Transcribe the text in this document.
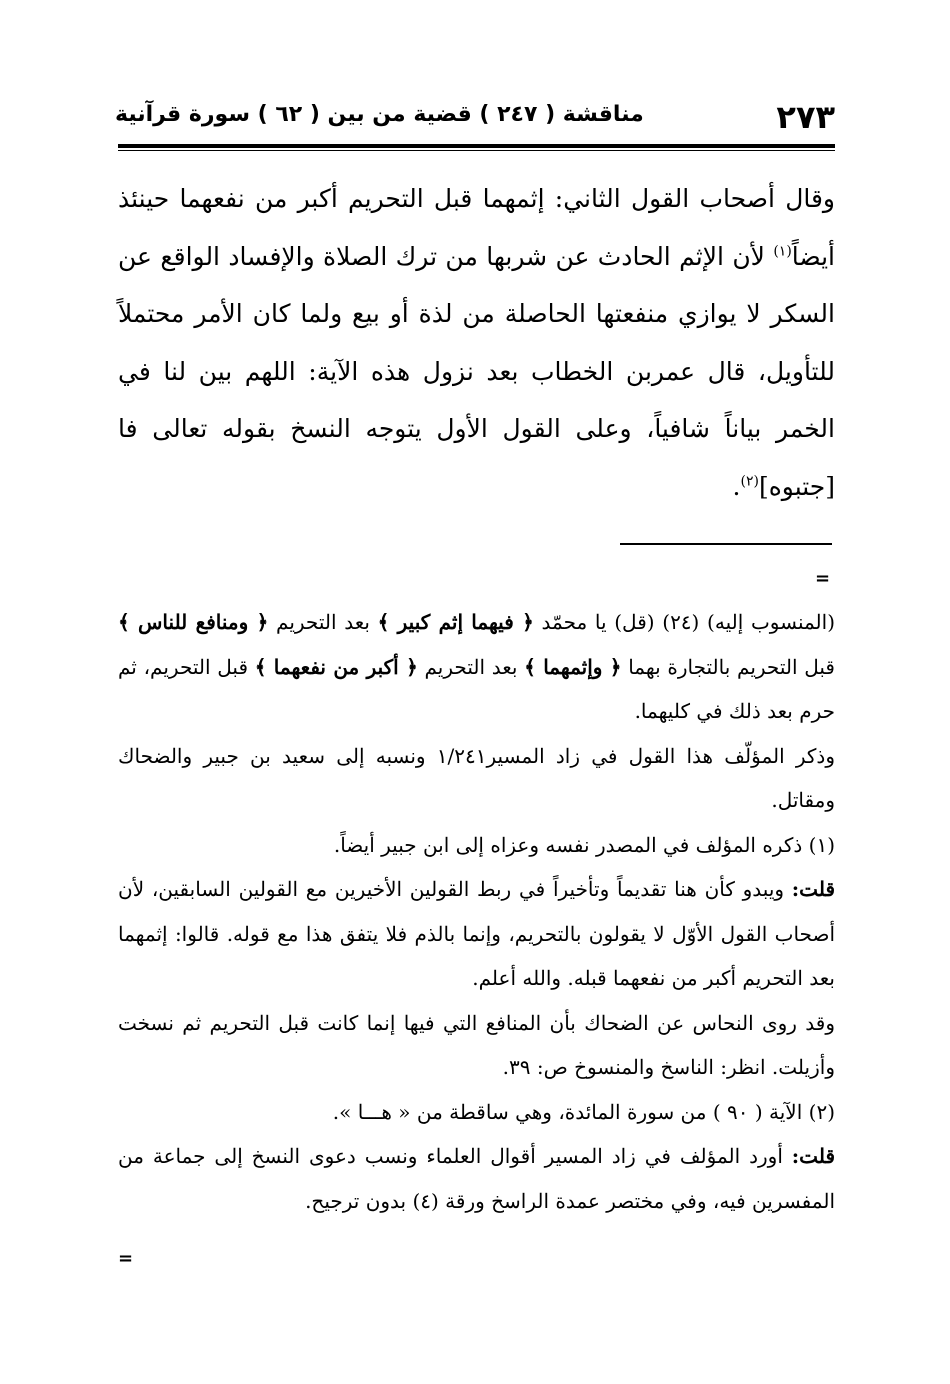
٢٧٣
مناقشة ( ٢٤٧ ) قضية من بين ( ٦٢ ) سورة قرآنية

وقال أصحاب القول الثاني: إثمهما قبل التحريم أكبر من نفعهما حينئذ أيضاً$^{(١)}$ لأن الإثم الحادث عن شربها من ترك الصلاة والإفساد الواقع عن السكر لا يوازي منفعتها الحاصلة من لذة أو بيع ولما كان الأمر محتملاً للتأويل، قال عمربن الخطاب بعد نزول هذه الآية: اللهم بين لنا في الخمر بياناً شافياً، وعلى القول الأول يتوجه النسخ بقوله تعالى فا [جتبوه]$^{(٢)}$.

=

(المنسوب إليه) (٢٤) (قل) يا محمّد ﴿ فيهما إثم كبير ﴾ بعد التحريم ﴿ ومنافع للناس ﴾ قبل التحريم بالتجارة بهما ﴿ وإثمهما ﴾ بعد التحريم ﴿ أكبر من نفعهما ﴾ قبل التحريم، ثم حرم بعد ذلك في كليهما.

وذكر المؤلّف هذا القول في زاد المسير١/٢٤١ ونسبه إلى سعيد بن جبير والضحاك ومقاتل.

(١) ذكره المؤلف في المصدر نفسه وعزاه إلى ابن جبير أيضاً.

قلت: ويبدو كأن هنا تقديماً وتأخيراً في ربط القولين الأخيرين مع القولين السابقين، لأن أصحاب القول الأوّل لا يقولون بالتحريم، وإنما بالذم فلا يتفق هذا مع قوله. قالوا: إثمهما بعد التحريم أكبر من نفعهما قبله. والله أعلم.

وقد روى النحاس عن الضحاك بأن المنافع التي فيها إنما كانت قبل التحريم ثم نسخت وأزيلت. انظر: الناسخ والمنسوخ ص: ٣٩.

(٢) الآية ( ٩٠ ) من سورة المائدة، وهي ساقطة من « هـــا ».

قلت: أورد المؤلف في زاد المسير أقوال العلماء ونسب دعوى النسخ إلى جماعة من المفسرين فيه، وفي مختصر عمدة الراسخ ورقة (٤) بدون ترجيح.

=
